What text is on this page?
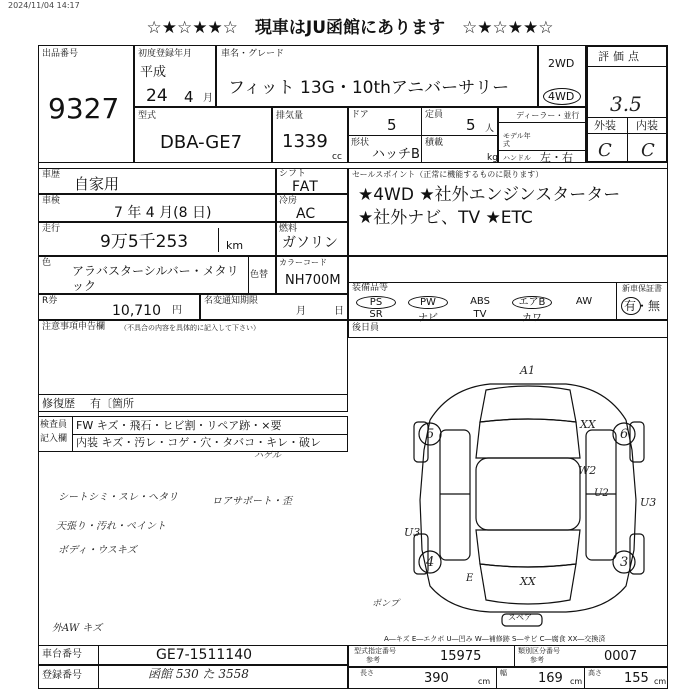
2024/11/04 14:17
☆★☆★★☆　現車はJU函館にあります　☆★☆★★☆
出品番号
9327
初度登録年月
平成
24 4 月
車名・グレード
フィット 13G・10thアニバーサリー
2WD
4WD
評価点
3.5
外装 内装
C C
型式
DBA-GE7
排気量
1339
cc
ドア
5
定員
5 人
形状
ハッチB
積載
kg
ディーラー・並行
モデル年式
ハンドル 左・右
車歴 自家用
車検
7 年 4 月(8 日)
走行
9万5千253	km
シフト
FAT
冷房
AC
燃料
ガソリン
セールスポイント（正常に機能するものに限ります）
★4WD ★社外エンジンスターター
★社外ナビ、TV ★ETC
色
アラバスターシルバー・メタリック
色替
カラーコード
NH700M
R券
10,710 円
名変通知期限
月	日
装備品等	新車保証書
有・無
PS
SR
PW
ナビ
ABS
TV
エアB
カワ
AW
注意事項申告欄 （不具合の内容を具体的に記入して下さい）
修復歴 有〔箇所
後日員
検査員
記入欄
FW キズ・飛石・ヒビ割・リペア跡・×要
内装 キズ・汚レ・コゲ・穴・タバコ・キレ・破レ
ハゲル
シートシミ・スレ・ヘタリ	ロアサポート・歪
天張り・汚れ・ペイント
ボディ・ウスキズ
外AW キズ
A1
XX
5	6
W2
U2
U3
U3
4	3
E	XX
ポンプ
スペア
A―キズ E―エクボ U―凹み W―補修跡 S―サビ C―腐食 XX―交換済
車台番号	GE7-1511140
登録番号	函館 530 た 3558
型式指定番号
参考	15975	類別区分番号
参考	0007
長さ	390	cm
幅 169 cm
高さ 155 cm
